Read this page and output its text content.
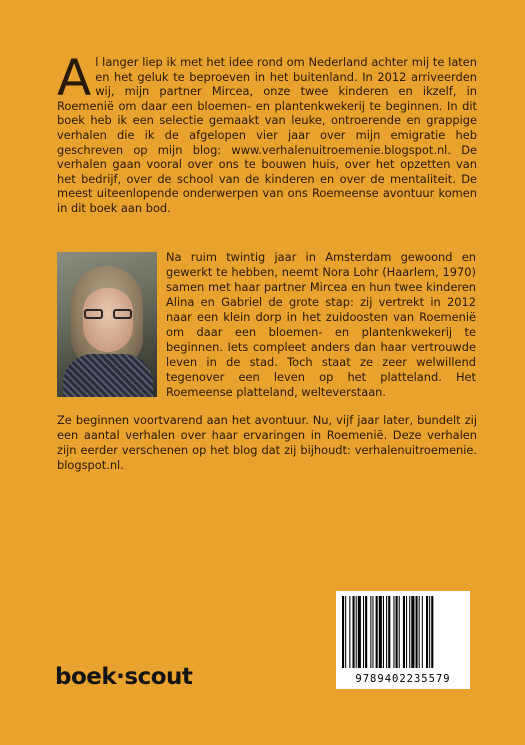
Al langer liep ik met het idee rond om Nederland achter mij te laten en het geluk te beproeven in het buitenland. In 2012 arriveerden wij, mijn partner Mircea, onze twee kinderen en ikzelf, in Roemenië om daar een bloemen- en plantenkwekerij te beginnen. In dit boek heb ik een selectie gemaakt van leuke, ontroerende en grappige verhalen die ik de afgelopen vier jaar over mijn emigratie heb geschreven op mijn blog: www.verhalenuitroemenie.blogspot.nl. De verhalen gaan vooral over ons te bouwen huis, over het opzetten van het bedrijf, over de school van de kinderen en over de mentaliteit. De meest uiteenlopende onderwerpen van ons Roemeense avontuur komen in dit boek aan bod.

Na ruim twintig jaar in Amsterdam gewoond en gewerkt te hebben, neemt Nora Lohr (Haarlem, 1970) samen met haar partner Mircea en hun twee kinderen Alina en Gabriel de grote stap: zij vertrekt in 2012 naar een klein dorp in het zuidoosten van Roemenië om daar een bloemen- en plantenkwekerij te beginnen. Iets compleet anders dan haar vertrouwde leven in de stad. Toch staat ze zeer welwillend tegenover een leven op het platteland. Het Roemeense platteland, welteverstaan.

Ze beginnen voortvarend aan het avontuur. Nu, vijf jaar later, bundelt zij een aantal verhalen over haar ervaringen in Roemenië. Deze verhalen zijn eerder verschenen op het blog dat zij bijhoudt: verhalenuitroemenie. blogspot.nl.

9789402235579
boek·scout
